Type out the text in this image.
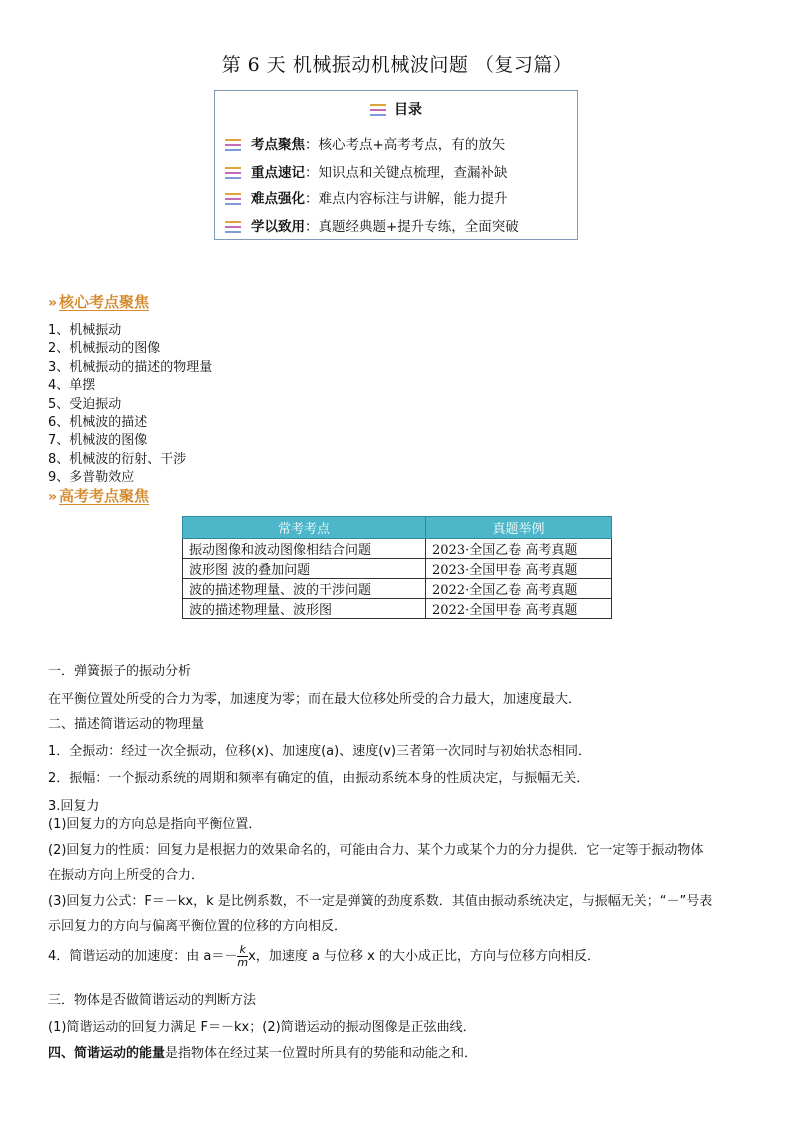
第 6 天 机械振动机械波问题 （复习篇）
目录
考点聚焦：核心考点+高考考点，有的放矢
重点速记：知识点和关键点梳理，查漏补缺
难点强化：难点内容标注与讲解，能力提升
学以致用：真题经典题+提升专练，全面突破
» 核心考点聚焦
1、机械振动
2、机械振动的图像
3、机械振动的描述的物理量
4、单摆
5、受迫振动
6、机械波的描述
7、机械波的图像
8、机械波的衍射、干涉
9、多普勒效应
» 高考考点聚焦
常考考点	真题举例
振动图像和波动图像相结合问题	2023·全国乙卷 高考真题
波形图 波的叠加问题	2023·全国甲卷 高考真题
波的描述物理量、波的干涉问题	2022·全国乙卷 高考真题
波的描述物理量、波形图	2022·全国甲卷 高考真题
一．弹簧振子的振动分析
在平衡位置处所受的合力为零，加速度为零；而在最大位移处所受的合力最大，加速度最大．
二、描述简谐运动的物理量
1．全振动：经过一次全振动，位移(x)、加速度(a)、速度(v)三者第一次同时与初始状态相同．
2．振幅：一个振动系统的周期和频率有确定的值，由振动系统本身的性质决定，与振幅无关．
3.回复力
(1)回复力的方向总是指向平衡位置．
(2)回复力的性质：回复力是根据力的效果命名的，可能由合力、某个力或某个力的分力提供．它一定等于振动物体
在振动方向上所受的合力．
(3)回复力公式：F＝－kx，k 是比例系数，不一定是弹簧的劲度系数．其值由振动系统决定，与振幅无关；“－”号表
示回复力的方向与偏离平衡位置的位移的方向相反．
4．简谐运动的加速度：由 $a=- \frac{k}{m}$ x，加速度 a 与位移 x 的大小成正比，方向与位移方向相反．
三．物体是否做简谐运动的判断方法
(1)简谐运动的回复力满足 F＝－kx；(2)简谐运动的振动图像是正弦曲线．
四、简谐运动的能量是指物体在经过某一位置时所具有的势能和动能之和．
